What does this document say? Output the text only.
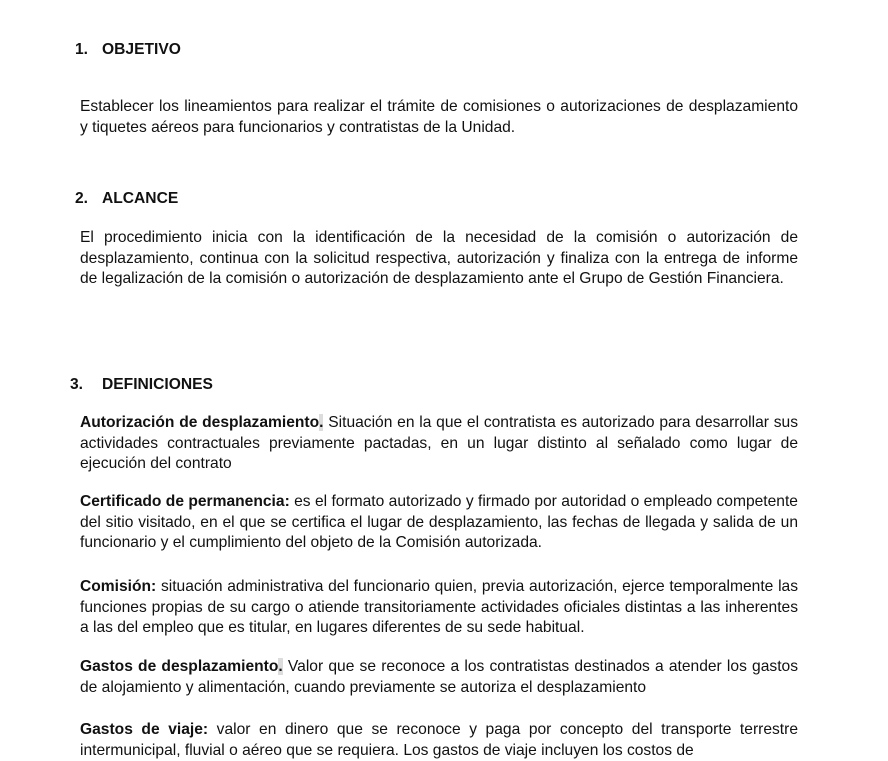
1. OBJETIVO

Establecer los lineamientos para realizar el trámite de comisiones o autorizaciones de desplazamiento y tiquetes aéreos para funcionarios y contratistas de la Unidad.

2. ALCANCE

El procedimiento inicia con la identificación de la necesidad de la comisión o autorización de desplazamiento, continua con la solicitud respectiva, autorización y finaliza con la entrega de informe de legalización de la comisión o autorización de desplazamiento ante el Grupo de Gestión Financiera.

3. DEFINICIONES

Autorización de desplazamiento. Situación en la que el contratista es autorizado para desarrollar sus actividades contractuales previamente pactadas, en un lugar distinto al señalado como lugar de ejecución del contrato

Certificado de permanencia: es el formato autorizado y firmado por autoridad o empleado competente del sitio visitado, en el que se certifica el lugar de desplazamiento, las fechas de llegada y salida de un funcionario y el cumplimiento del objeto de la Comisión autorizada.

Comisión: situación administrativa del funcionario quien, previa autorización, ejerce temporalmente las funciones propias de su cargo o atiende transitoriamente actividades oficiales distintas a las inherentes a las del empleo que es titular, en lugares diferentes de su sede habitual.

Gastos de desplazamiento. Valor que se reconoce a los contratistas destinados a atender los gastos de alojamiento y alimentación, cuando previamente se autoriza el desplazamiento

Gastos de viaje: valor en dinero que se reconoce y paga por concepto del transporte terrestre intermunicipal, fluvial o aéreo que se requiera. Los gastos de viaje incluyen los costos de
